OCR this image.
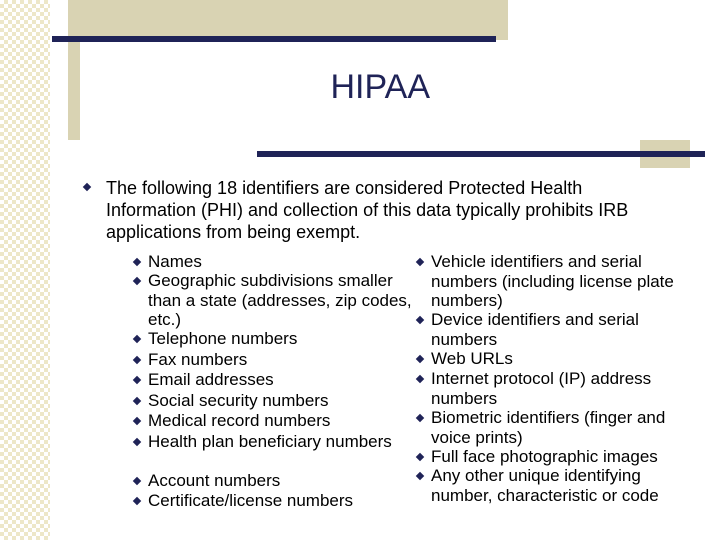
HIPAA
The following 18 identifiers are considered Protected Health Information (PHI) and collection of this data typically prohibits IRB applications from being exempt.
Names
Geographic subdivisions smaller than a state (addresses, zip codes, etc.)
Telephone numbers
Fax numbers
Email addresses
Social security numbers
Medical record numbers
Health plan beneficiary numbers
Account numbers
Certificate/license numbers
Vehicle identifiers and serial numbers (including license plate numbers)
Device identifiers and serial numbers
Web URLs
Internet protocol (IP) address numbers
Biometric identifiers (finger and voice prints)
Full face photographic images
Any other unique identifying number, characteristic or code
